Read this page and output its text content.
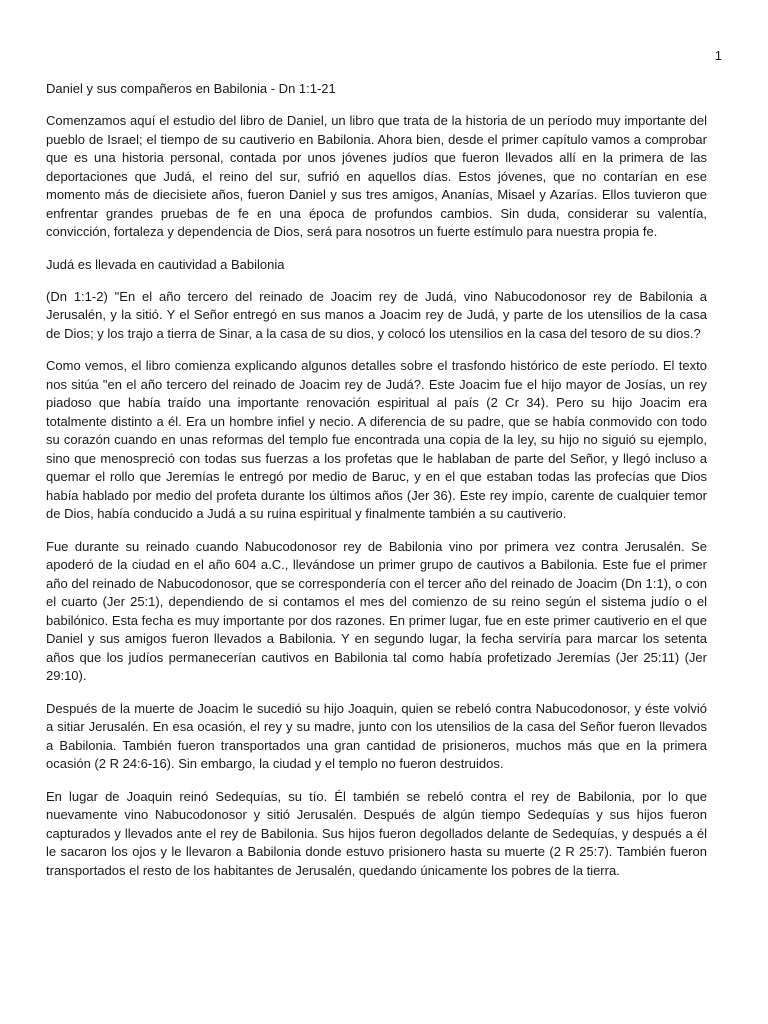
1

Daniel y sus compañeros en Babilonia - Dn 1:1-21

Comenzamos aquí el estudio del libro de Daniel, un libro que trata de la historia de un período muy importante del pueblo de Israel; el tiempo de su cautiverio en Babilonia. Ahora bien, desde el primer capítulo vamos a comprobar que es una historia personal, contada por unos jóvenes judíos que fueron llevados allí en la primera de las deportaciones que Judá, el reino del sur, sufrió en aquellos días. Estos jóvenes, que no contarían en ese momento más de diecisiete años, fueron Daniel y sus tres amigos, Ananías, Misael y Azarías. Ellos tuvieron que enfrentar grandes pruebas de fe en una época de profundos cambios. Sin duda, considerar su valentía, convicción, fortaleza y dependencia de Dios, será para nosotros un fuerte estímulo para nuestra propia fe.

Judá es llevada en cautividad a Babilonia

(Dn 1:1-2) "En el año tercero del reinado de Joacim rey de Judá, vino Nabucodonosor rey de Babilonia a Jerusalén, y la sitió. Y el Señor entregó en sus manos a Joacim rey de Judá, y parte de los utensilios de la casa de Dios; y los trajo a tierra de Sinar, a la casa de su dios, y colocó los utensilios en la casa del tesoro de su dios.?

Como vemos, el libro comienza explicando algunos detalles sobre el trasfondo histórico de este período. El texto nos sitúa "en el año tercero del reinado de Joacim rey de Judá?. Este Joacim fue el hijo mayor de Josías, un rey piadoso que había traído una importante renovación espiritual al país (2 Cr 34). Pero su hijo Joacim era totalmente distinto a él. Era un hombre infiel y necio. A diferencia de su padre, que se había conmovido con todo su corazón cuando en unas reformas del templo fue encontrada una copia de la ley, su hijo no siguió su ejemplo, sino que menospreció con todas sus fuerzas a los profetas que le hablaban de parte del Señor, y llegó incluso a quemar el rollo que Jeremías le entregó por medio de Baruc, y en el que estaban todas las profecías que Dios había hablado por medio del profeta durante los últimos años (Jer 36). Este rey impío, carente de cualquier temor de Dios, había conducido a Judá a su ruina espiritual y finalmente también a su cautiverio.

Fue durante su reinado cuando Nabucodonosor rey de Babilonia vino por primera vez contra Jerusalén. Se apoderó de la ciudad en el año 604 a.C., llevándose un primer grupo de cautivos a Babilonia. Este fue el primer año del reinado de Nabucodonosor, que se correspondería con el tercer año del reinado de Joacim (Dn 1:1), o con el cuarto (Jer 25:1), dependiendo de si contamos el mes del comienzo de su reino según el sistema judío o el babilónico. Esta fecha es muy importante por dos razones. En primer lugar, fue en este primer cautiverio en el que Daniel y sus amigos fueron llevados a Babilonia. Y en segundo lugar, la fecha serviría para marcar los setenta años que los judíos permanecerían cautivos en Babilonia tal como había profetizado Jeremías (Jer 25:11) (Jer 29:10).

Después de la muerte de Joacim le sucedió su hijo Joaquin, quien se rebeló contra Nabucodonosor, y éste volvió a sitiar Jerusalén. En esa ocasión, el rey y su madre, junto con los utensilios de la casa del Señor fueron llevados a Babilonia. También fueron transportados una gran cantidad de prisioneros, muchos más que en la primera ocasión (2 R 24:6-16). Sin embargo, la ciudad y el templo no fueron destruidos.

En lugar de Joaquin reinó Sedequías, su tío. Él también se rebeló contra el rey de Babilonia, por lo que nuevamente vino Nabucodonosor y sitió Jerusalén. Después de algún tiempo Sedequías y sus hijos fueron capturados y llevados ante el rey de Babilonia. Sus hijos fueron degollados delante de Sedequías, y después a él le sacaron los ojos y le llevaron a Babilonia donde estuvo prisionero hasta su muerte (2 R 25:7). También fueron transportados el resto de los habitantes de Jerusalén, quedando únicamente los pobres de la tierra.
